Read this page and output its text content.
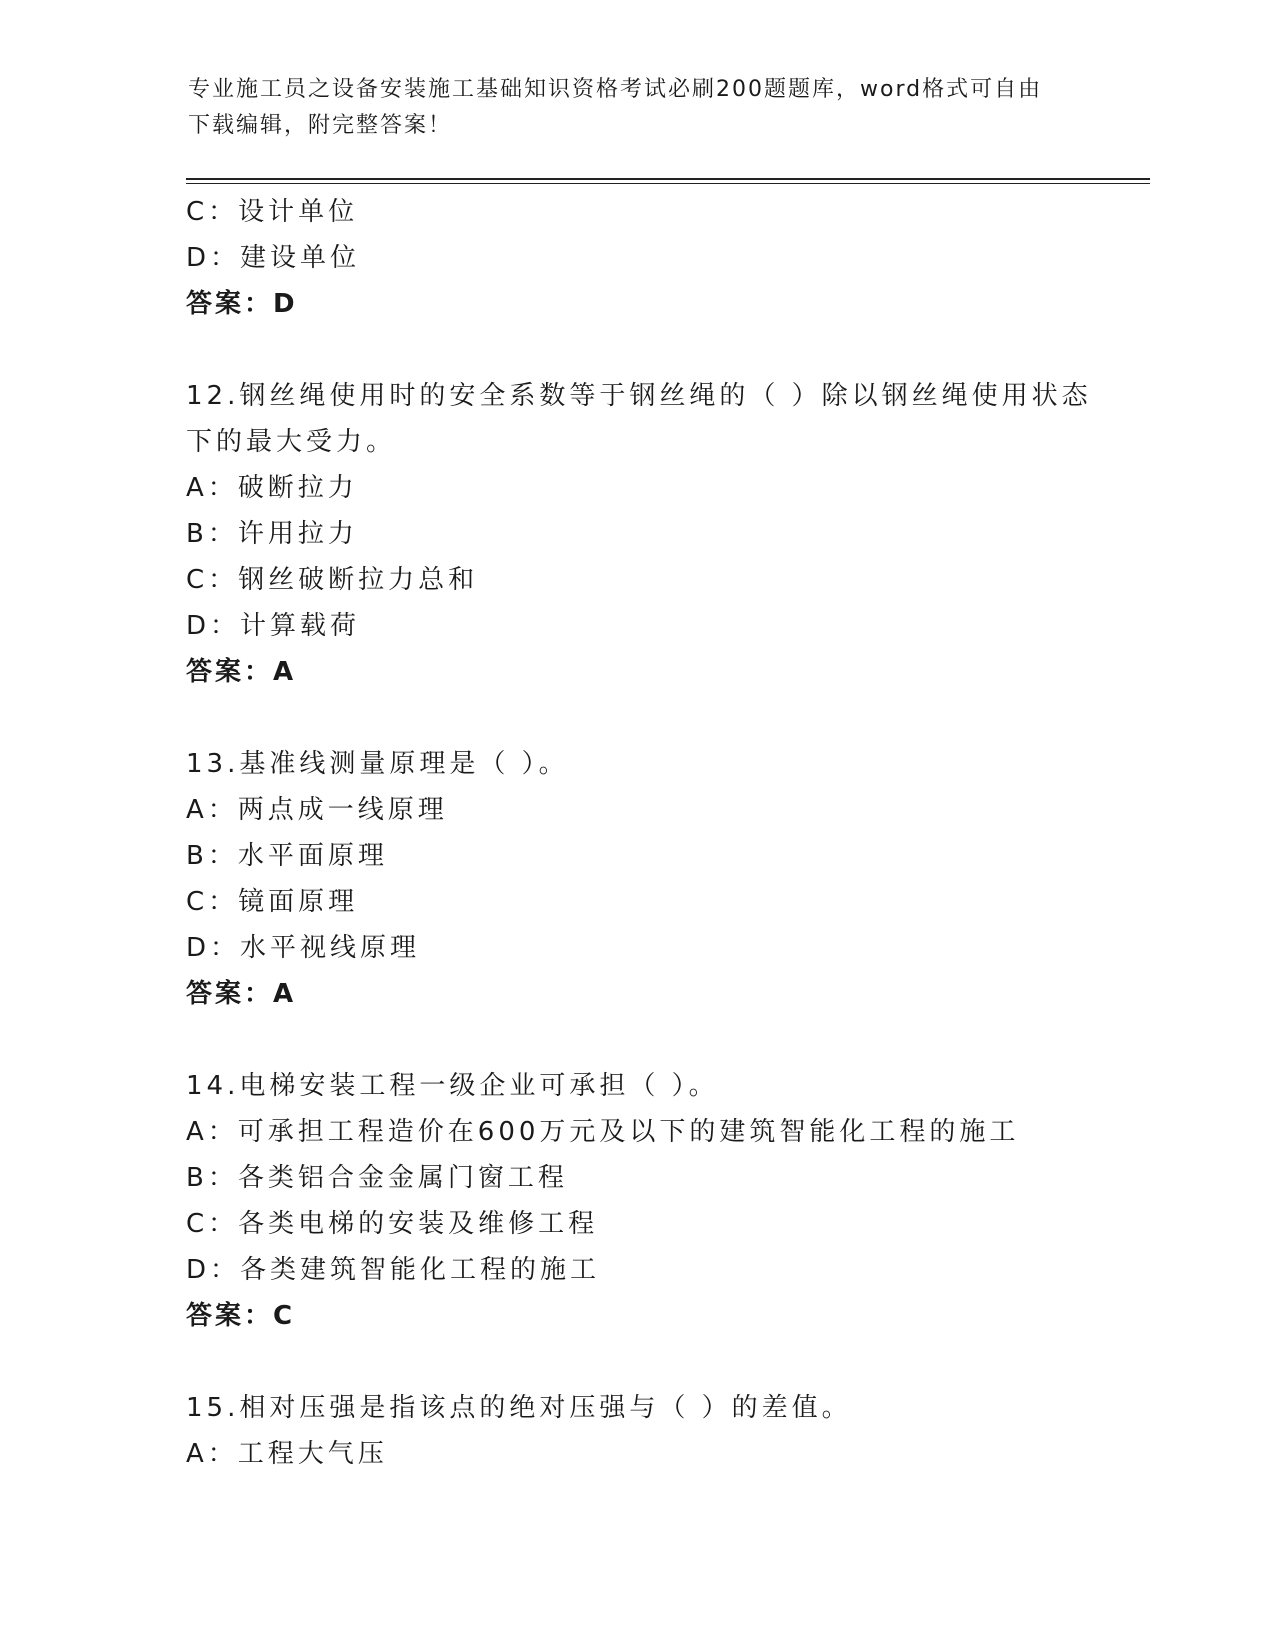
专业施工员之设备安装施工基础知识资格考试必刷200题题库，word格式可自由
下载编辑，附完整答案！
C：设计单位
D：建设单位
答案：D
12.钢丝绳使用时的安全系数等于钢丝绳的（ ）除以钢丝绳使用状态
下的最大受力。
A：破断拉力
B：许用拉力
C：钢丝破断拉力总和
D：计算载荷
答案：A
13.基准线测量原理是（ ）。
A：两点成一线原理
B：水平面原理
C：镜面原理
D：水平视线原理
答案：A
14.电梯安装工程一级企业可承担（ ）。
A：可承担工程造价在600万元及以下的建筑智能化工程的施工
B：各类铝合金金属门窗工程
C：各类电梯的安装及维修工程
D：各类建筑智能化工程的施工
答案：C
15.相对压强是指该点的绝对压强与（ ）的差值。
A：工程大气压
